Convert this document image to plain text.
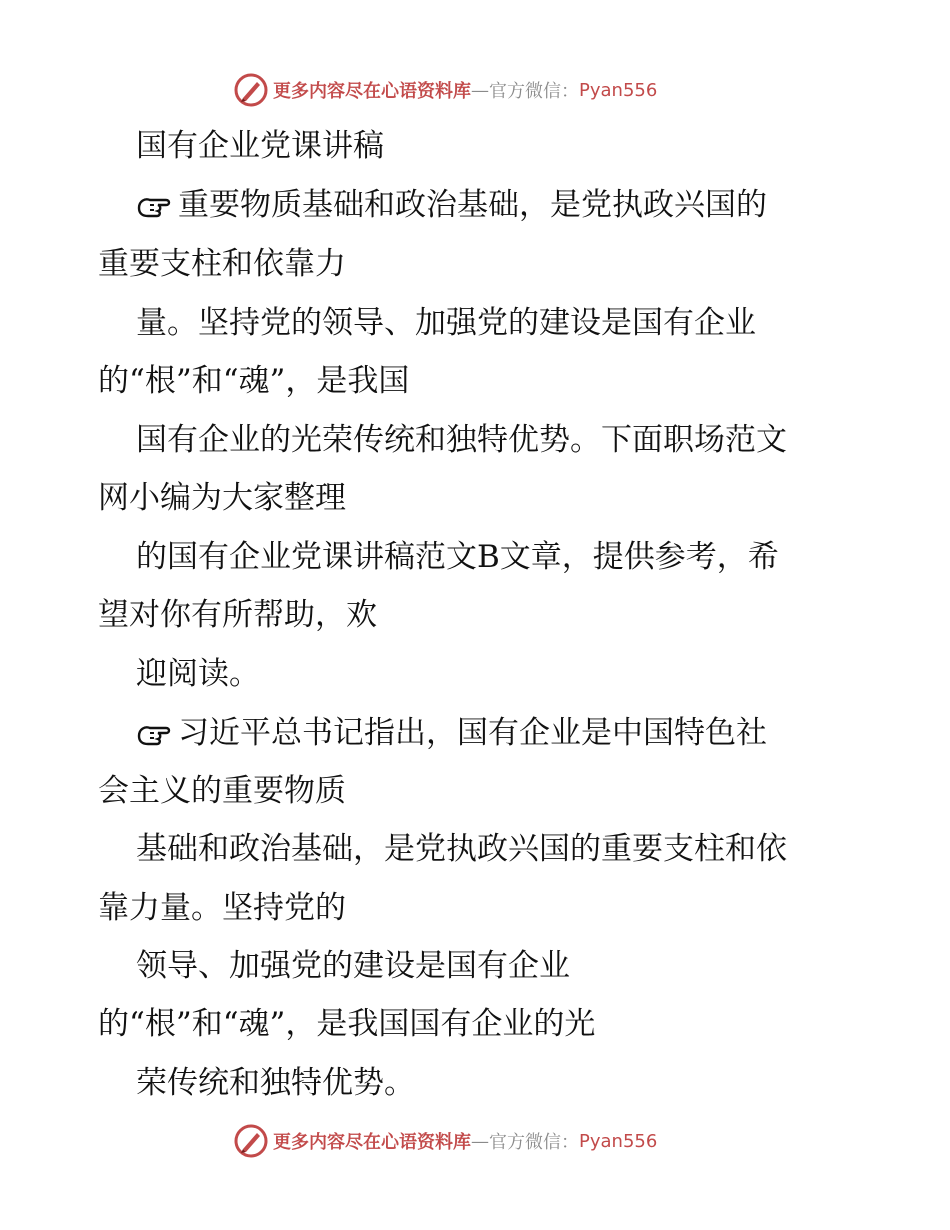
更多内容尽在心语资料库 — 官方微信： Pyan556
国有企业党课讲稿
重要物质基础和政治基础，是党执政兴国的
重要支柱和依靠力
量。坚持党的领导、加强党的建设是国有企业
的“根”和“魂”，是我国
国有企业的光荣传统和独特优势。下面职场范文
网小编为大家整理
的国有企业党课讲稿范文B文章，提供参考，希
望对你有所帮助，欢
迎阅读。
习近平总书记指出，国有企业是中国特色社
会主义的重要物质
基础和政治基础，是党执政兴国的重要支柱和依
靠力量。坚持党的
领导、加强党的建设是国有企业
的“根”和“魂”，是我国国有企业的光
荣传统和独特优势。
更多内容尽在心语资料库 — 官方微信： Pyan556
